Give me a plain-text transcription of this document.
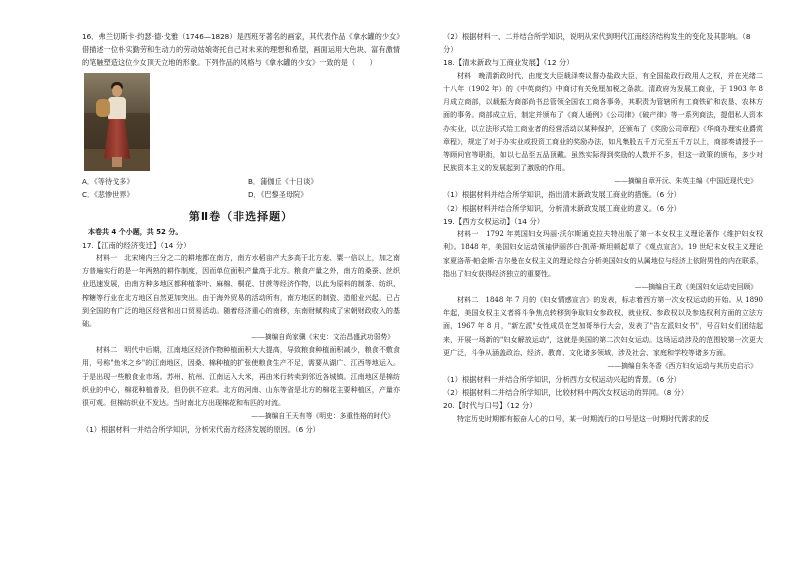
16．弗兰切斯卡·约瑟·德·戈雅（1746—1828）是西班牙著名的画家，其代表作品《拿水罐的少女》借描述一位朴实勤劳和生动力的劳动姑娘寄托自己对未来的理想和希望，画面运用大色块、富有激情的笔触塑造这位少女顶天立地的形象。下列作品的风格与《拿水罐的少女》一致的是（　　）

A．《等待戈多》	B．蒲伽丘《十日谈》
C．《悲惨世界》	D．《巴黎圣母院》
第Ⅱ卷（非选择题）

本卷共 4 个小题，共 52 分。

17.【江南的经济变迁】（14 分）

材料一　北宋境内三分之二的耕地都在南方，南方水稻亩产大多高于北方麦、粟一倍以上，加之南方普遍实行的是一年两熟的耕作制度，因而单位面积产量高于北方。粮食产量之外，南方的桑蚕、丝织业迅速发展，由南方种多地区都种植茶叶、麻棉、桐花、甘蔗等经济作物，以此为原料的制茶、纺织、榨糖等行业在北方地区自然更加突出。由于海外贸易的活动所有，南方地区的制瓷、造船业兴起，已占到全国的有广泛的地区经营和出口贸易活动。随着经济重心的南移，东南财赋构成了宋朝财政收入的基础。

——摘编自尚家骥《宋史：文治昌盛武功弱势》

材料二　明代中后期，江南地区经济作物种植面积大大提高，导致粮食种植面积减少，粮食不敷食用，号称"鱼米之乡"的江南地区，因桑、棉种植的扩张使粮食生产不足，需要从湖广、江西等地运入。于是出现一些粮食业市场。苏州、杭州、江南运入大米，再由米行转卖到邻近各城镇。江南地区是棉纺织业的中心，棉花种植普及，但仍供不应求。北方的河南、山东等省是北方的棉花主要种植区，产量亦很可观。但棉纺织业不发达。当时南北方出现棉花和布匹的对流。

——摘编自王天有等《明史：多重性格的时代》

（1）根据材料一并结合所学知识，分析宋代南方经济发展的原因。（6 分）

（2）根据材料一、二并结合所学知识，说明从宋代到明代江南经济结构发生的变化及其影响。（8 分）

18.【清末新政与工商业发展】（12 分）

材料　晚清新政时代，由度支大臣载泽奏议督办盐政大臣，有全国盐政行政用人之权，并在光绪二十八年（1902 年）的《中英商约》中商讨有关免厘加税之条款。清政府为发展工商业，于 1903 年 8 月成立商部，以载振为商部尚书总管领全国农工商各事务，其职责为管辖所有工商铁矿和农垦、农林方面的事务。商部成立后，制定并颁布了《商人通例》《公司律》《破产律》等一系列商法，提倡私人资本办实业，以立法形式给工商业者的经营活动以某种保护，还颁布了《奖励公司章程》《华商办理实业爵赏章程》，规定了对于办实业或投资工商业的奖励办法，如凡集股五千万元至五千万以上，商部奏请授予一等顾问官等职衔，如以七品至五品顶戴。虽然实际得到奖励的人数并不多，但这一政策的颁布，多少对民族资本主义的发展起到了激励的作用。

——摘编自章开沅、朱英主编《中国近现代史》

（1）根据材料并结合所学知识，指出清末新政发展工商业的措施。（6 分）

（2）根据材料并结合所学知识，分析清末新政发展工商业的意义。（6 分）

19.【西方女权运动】（14 分）

材料一　1792 年英国妇女玛丽·沃尔斯通克拉夫特出版了第一本女权主义理论著作《维护妇女权利》。1848 年，美国妇女运动领袖伊丽莎白·凯蒂·斯坦顿起草了《观点宣言》。19 世纪末女权主义理论家夏洛蒂·帕金斯·吉尔曼在女权主义的理论综合分析美国妇女的从属地位与经济上依附男性的内在联系，指出了妇女获得经济独立的重要性。

——摘编自王政《美国妇女运动史回顾》

材料二　1848 年 7 月的《妇女情感宣言》的发表，标志着西方第一次女权运动的开始。从 1890 年起，美国女权主义者将斗争焦点转移到争取妇女参政权、就业权、参政权以及参选权利方面的立法方面，1967 年 8 月，"新左派"女性成员在芝加哥举行大会，发表了"告左派妇女书"，号召妇女们团结起来，开展一场新的"妇女解放运动"，这就是美国的第二次妇女运动。这场运动涉及的范围较第一次更大更广泛，斗争从涵盖政治、经济、教育、文化诸多领域，涉及社会、家庭和学校等诸多方面。

——摘编自朱冬香《西方妇女运动与其历史启示》

（1）根据材料一并结合所学知识，分析西方女权运动兴起的背景。（6 分）

（2）根据材料二并结合所学知识，比较材料中两次女权运动的异同。（8 分）

20.【时代与口号】（12 分）

特定历史时期都有振奋人心的口号，某一时期流行的口号是这一时期时代需求的反
